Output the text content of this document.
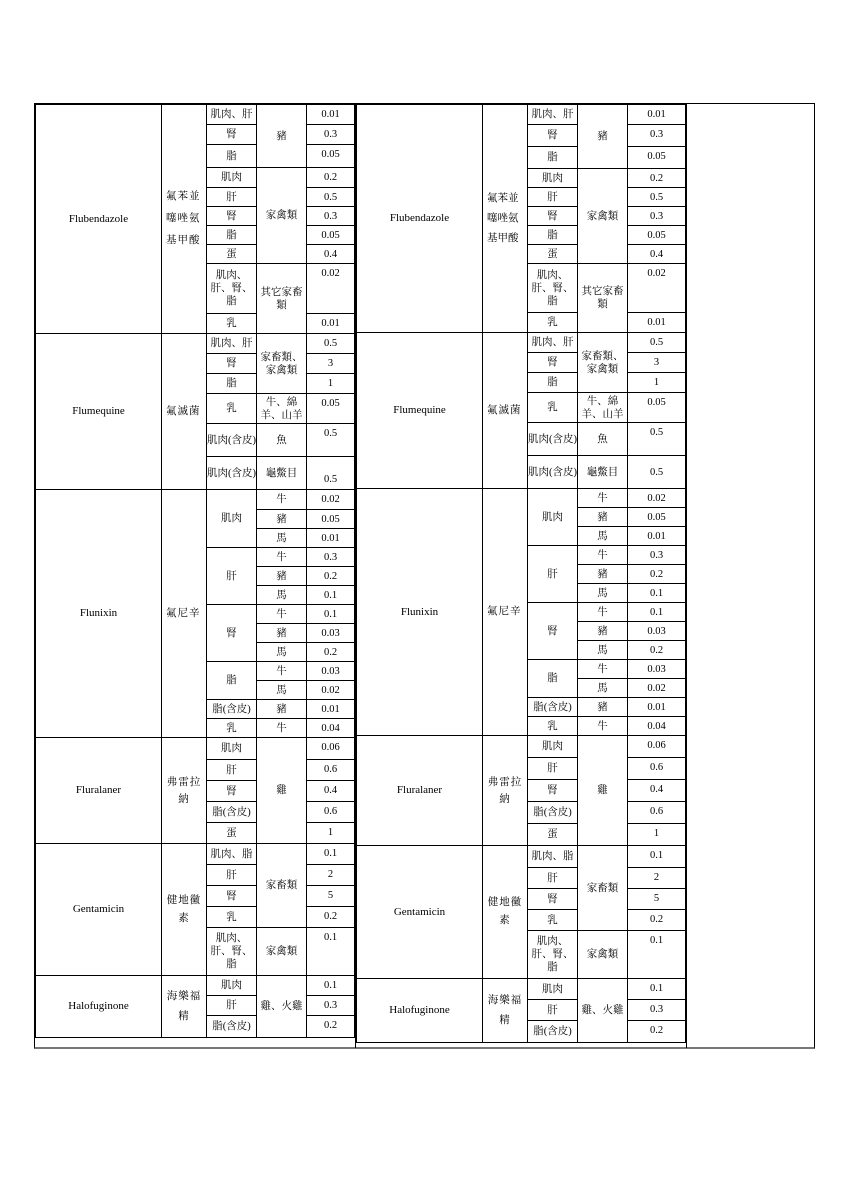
Flubendazole	氟苯並噻唑氨基甲酸	肌肉、肝	豬	0.01
		腎		0.3
		脂		0.05
		肌肉	家禽類	0.2
		肝		0.5
		腎		0.3
		脂		0.05
		蛋		0.4
		肌肉、肝、腎、脂	其它家畜類	0.02
		乳		0.01
Flumequine	氟滅菌	肌肉、肝	家畜類、家禽類	0.5
		腎		3
		脂		1
		乳	牛、綿羊、山羊	0.05
		肌肉(含皮)	魚	0.5
		肌肉(含皮)	龜鱉目	0.5
Flunixin	氟尼辛	肌肉	牛	0.02
			豬	0.05
			馬	0.01
		肝	牛	0.3
			豬	0.2
			馬	0.1
		腎	牛	0.1
			豬	0.03
			馬	0.2
		脂	牛	0.03
			馬	0.02
		脂(含皮)	豬	0.01
		乳	牛	0.04
Fluralaner	弗雷拉納	肌肉	雞	0.06
		肝		0.6
		腎		0.4
		脂(含皮)		0.6
		蛋		1
Gentamicin	健地黴素	肌肉、脂	家畜類	0.1
		肝		2
		腎		5
		乳		0.2
		肌肉、肝、腎、脂	家禽類	0.1
Halofuginone	海樂福精	肌肉	雞、火雞	0.1
		肝		0.3
		脂(含皮)		0.2
Flubendazole	氟苯並噻唑氨基甲酸	肌肉、肝	豬	0.01
		腎		0.3
		脂		0.05
		肌肉	家禽類	0.2
		肝		0.5
		腎		0.3
		脂		0.05
		蛋		0.4
		肌肉、肝、腎、脂	其它家畜類	0.02
		乳		0.01
Flumequine	氟滅菌	肌肉、肝	家畜類、家禽類	0.5
		腎		3
		脂		1
		乳	牛、綿羊、山羊	0.05
		肌肉(含皮)	魚	0.5
		肌肉(含皮)	龜鱉目	0.5
Flunixin	氟尼辛	肌肉	牛	0.02
			豬	0.05
			馬	0.01
		肝	牛	0.3
			豬	0.2
			馬	0.1
		腎	牛	0.1
			豬	0.03
			馬	0.2
		脂	牛	0.03
			馬	0.02
		脂(含皮)	豬	0.01
		乳	牛	0.04
Fluralaner	弗雷拉納	肌肉	雞	0.06
		肝		0.6
		腎		0.4
		脂(含皮)		0.6
		蛋		1
Gentamicin	健地黴素	肌肉、脂	家畜類	0.1
		肝		2
		腎		5
		乳		0.2
		肌肉、肝、腎、脂	家禽類	0.1
Halofuginone	海樂福精	肌肉	雞、火雞	0.1
		肝		0.3
		脂(含皮)		0.2
